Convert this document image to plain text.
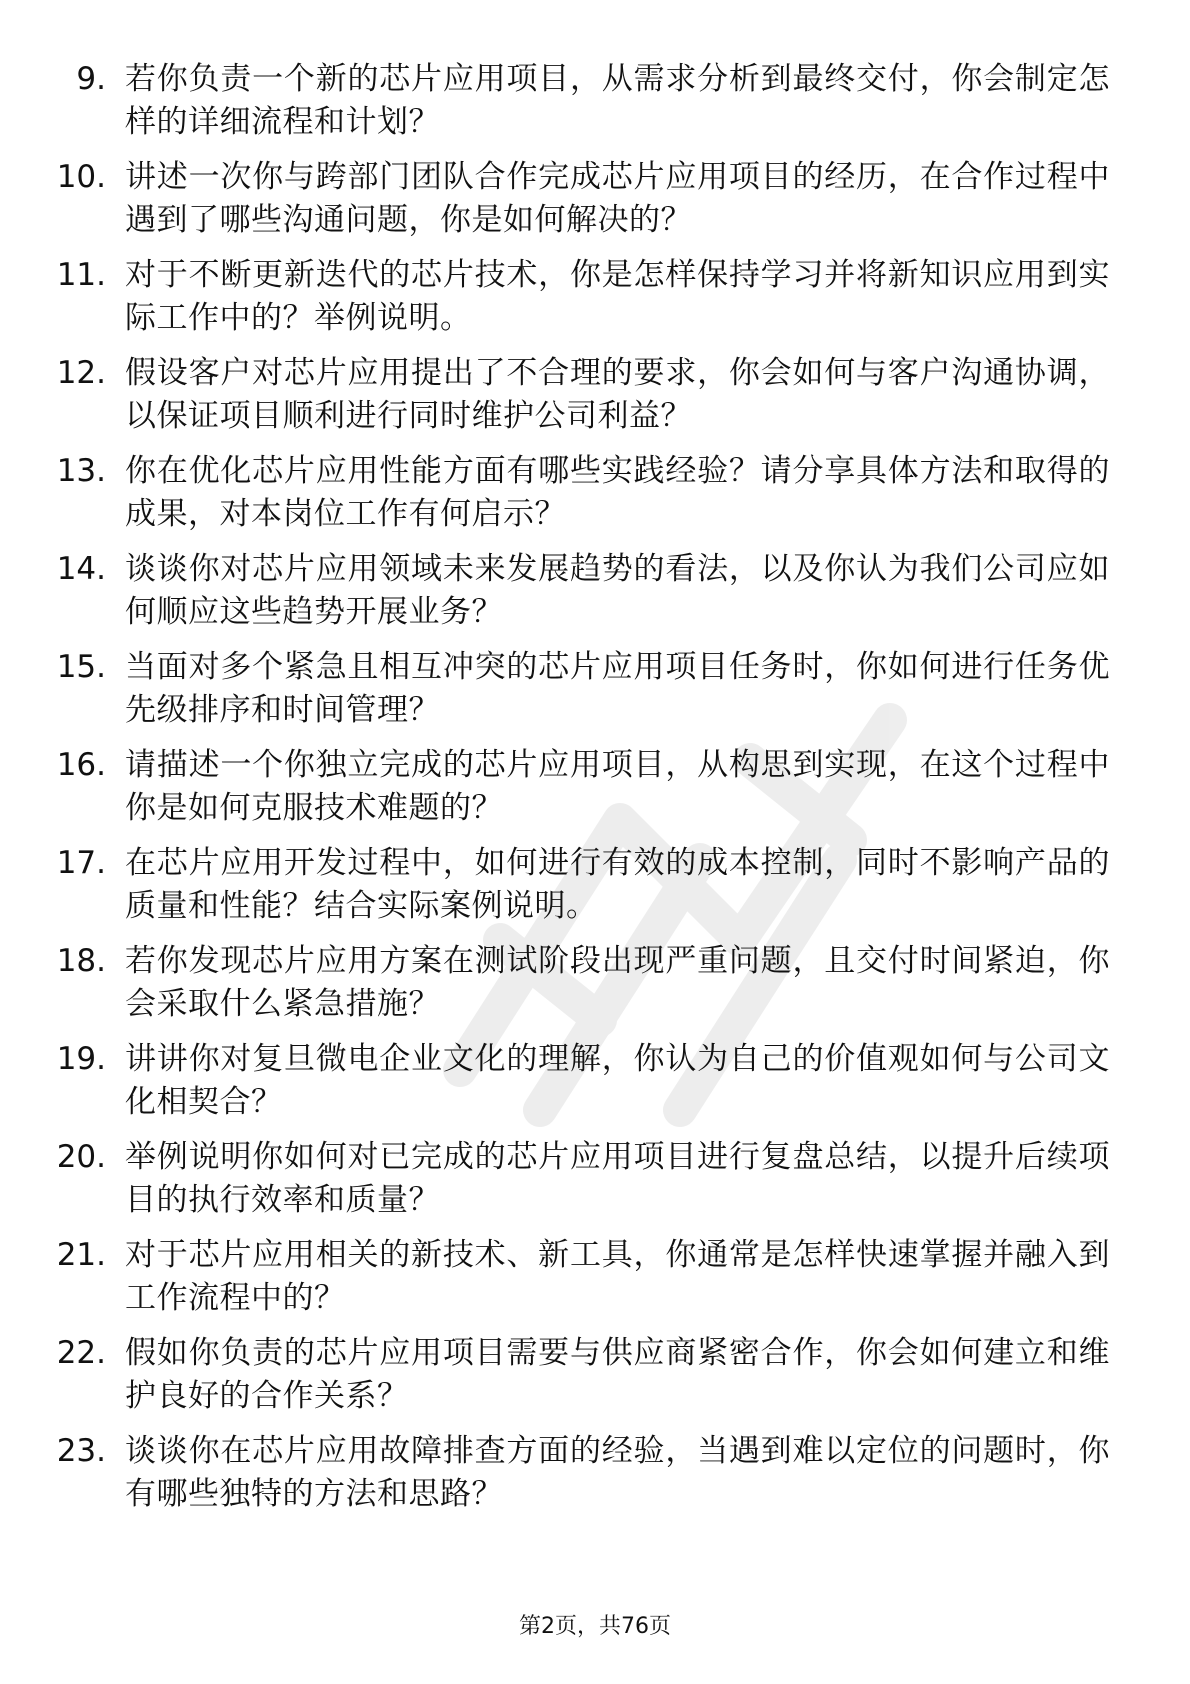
9. 若你负责一个新的芯片应用项目，从需求分析到最终交付，你会制定怎样的详细流程和计划？
10. 讲述一次你与跨部门团队合作完成芯片应用项目的经历，在合作过程中遇到了哪些沟通问题，你是如何解决的？
11. 对于不断更新迭代的芯片技术，你是怎样保持学习并将新知识应用到实际工作中的？举例说明。
12. 假设客户对芯片应用提出了不合理的要求，你会如何与客户沟通协调，以保证项目顺利进行同时维护公司利益？
13. 你在优化芯片应用性能方面有哪些实践经验？请分享具体方法和取得的成果，对本岗位工作有何启示？
14. 谈谈你对芯片应用领域未来发展趋势的看法，以及你认为我们公司应如何顺应这些趋势开展业务？
15. 当面对多个紧急且相互冲突的芯片应用项目任务时，你如何进行任务优先级排序和时间管理？
16. 请描述一个你独立完成的芯片应用项目，从构思到实现，在这个过程中你是如何克服技术难题的？
17. 在芯片应用开发过程中，如何进行有效的成本控制，同时不影响产品的质量和性能？结合实际案例说明。
18. 若你发现芯片应用方案在测试阶段出现严重问题，且交付时间紧迫，你会采取什么紧急措施？
19. 讲讲你对复旦微电企业文化的理解，你认为自己的价值观如何与公司文化相契合？
20. 举例说明你如何对已完成的芯片应用项目进行复盘总结，以提升后续项目的执行效率和质量？
21. 对于芯片应用相关的新技术、新工具，你通常是怎样快速掌握并融入到工作流程中的？
22. 假如你负责的芯片应用项目需要与供应商紧密合作，你会如何建立和维护良好的合作关系？
23. 谈谈你在芯片应用故障排查方面的经验，当遇到难以定位的问题时，你有哪些独特的方法和思路？
第2页，共76页
